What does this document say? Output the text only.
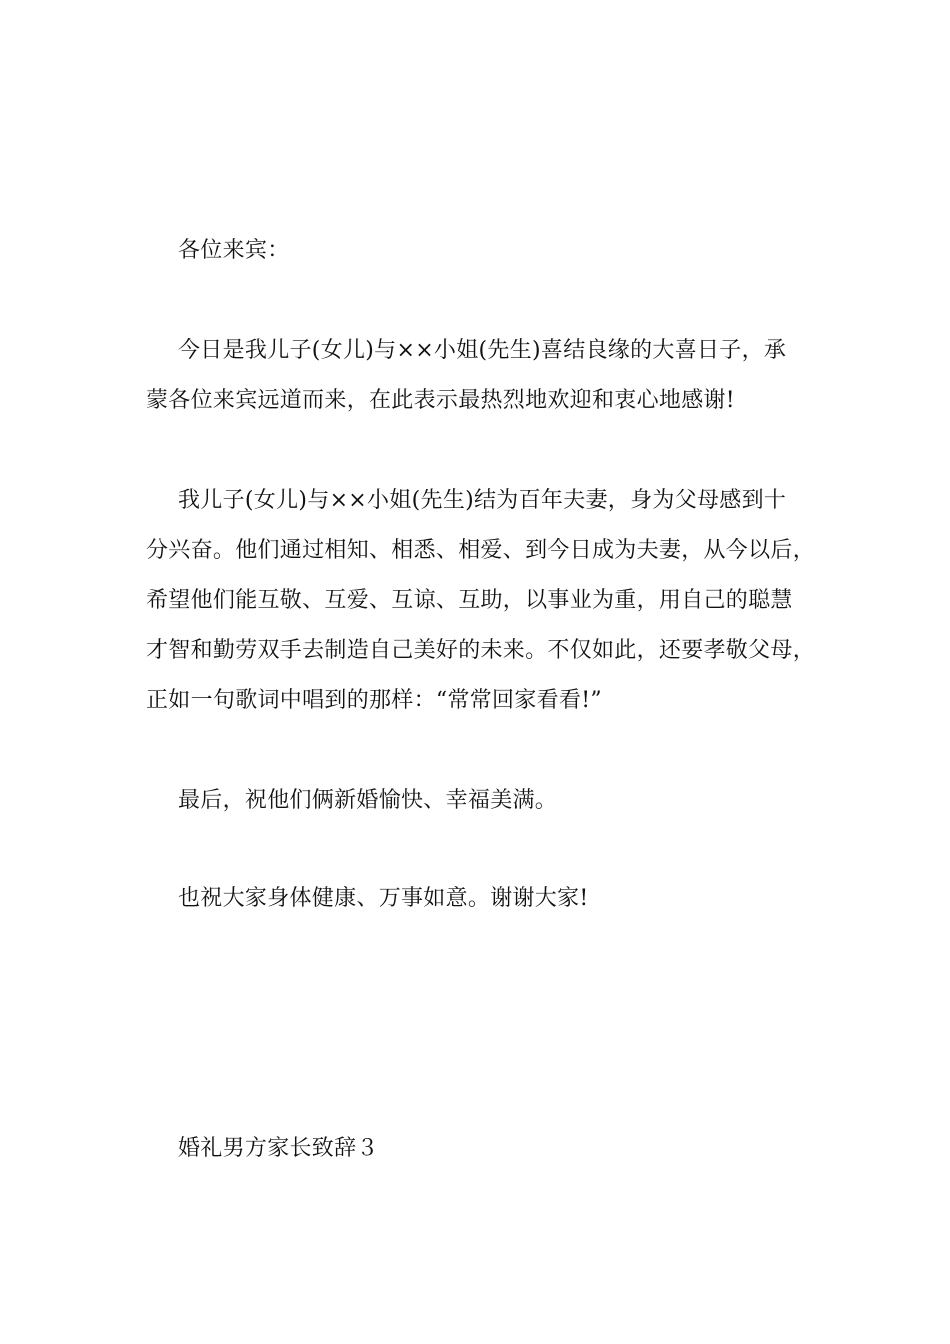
各位来宾：
今日是我儿子(女儿)与××小姐(先生)喜结良缘的大喜日子，承
蒙各位来宾远道而来，在此表示最热烈地欢迎和衷心地感谢!
我儿子(女儿)与××小姐(先生)结为百年夫妻，身为父母感到十
分兴奋。他们通过相知、相悉、相爱、到今日成为夫妻，从今以后，
希望他们能互敬、互爱、互谅、互助，以事业为重，用自己的聪慧
才智和勤劳双手去制造自己美好的未来。不仅如此，还要孝敬父母，
正如一句歌词中唱到的那样：“常常回家看看!”
最后，祝他们俩新婚愉快、幸福美满。
也祝大家身体健康、万事如意。谢谢大家!
婚礼男方家长致辞３
